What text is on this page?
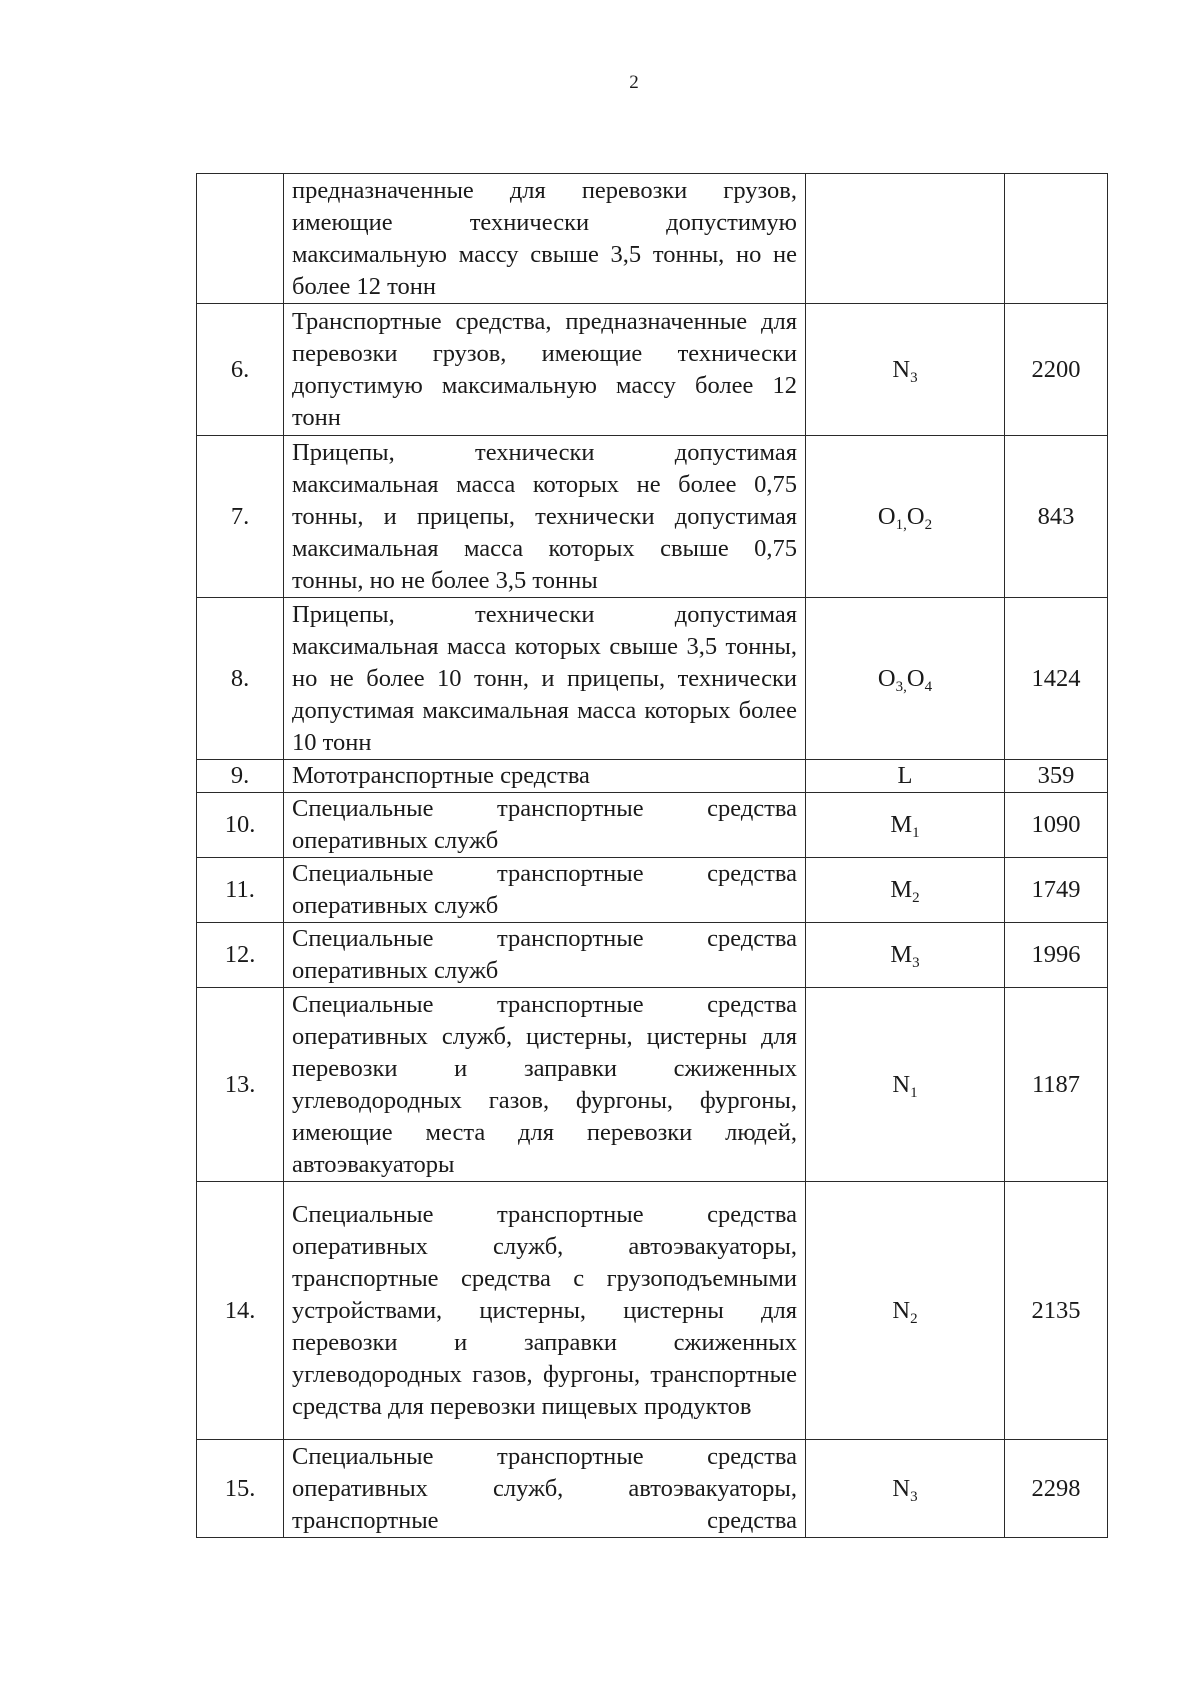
2
	предназначенные для перевозки грузов, имеющие технически допустимую максимальную массу свыше 3,5 тонны, но не более 12 тонн		
6.	Транспортные средства, предназначенные для перевозки грузов, имеющие технически допустимую максимальную массу более 12 тонн	$N_3$	2200
7.	Прицепы, технически допустимая максимальная масса которых не более 0,75 тонны, и прицепы, технически допустимая максимальная масса которых свыше 0,75 тонны, но не более 3,5 тонны	$O_{1,}O_2$	843
8.	Прицепы, технически допустимая максимальная масса которых свыше 3,5 тонны, но не более 10 тонн, и прицепы, технически допустимая максимальная масса которых более 10 тонн	$O_{3,}O_4$	1424
9.	Мототранспортные средства	L	359
10.	Специальные транспортные средства оперативных служб	$M_1$	1090
11.	Специальные транспортные средства оперативных служб	$M_2$	1749
12.	Специальные транспортные средства оперативных служб	$M_3$	1996
13.	Специальные транспортные средства оперативных служб, цистерны, цистерны для перевозки и заправки сжиженных углеводородных газов, фургоны, фургоны, имеющие места для перевозки людей, автоэвакуаторы	$N_1$	1187
14.	Специальные транспортные средства оперативных служб, автоэвакуаторы, транспортные средства с грузоподъемными устройствами, цистерны, цистерны для перевозки и заправки сжиженных углеводородных газов, фургоны, транспортные средства для перевозки пищевых продуктов	$N_2$	2135
15.	Специальные транспортные средства оперативных служб, автоэвакуаторы, транспортные средства	$N_3$	2298
